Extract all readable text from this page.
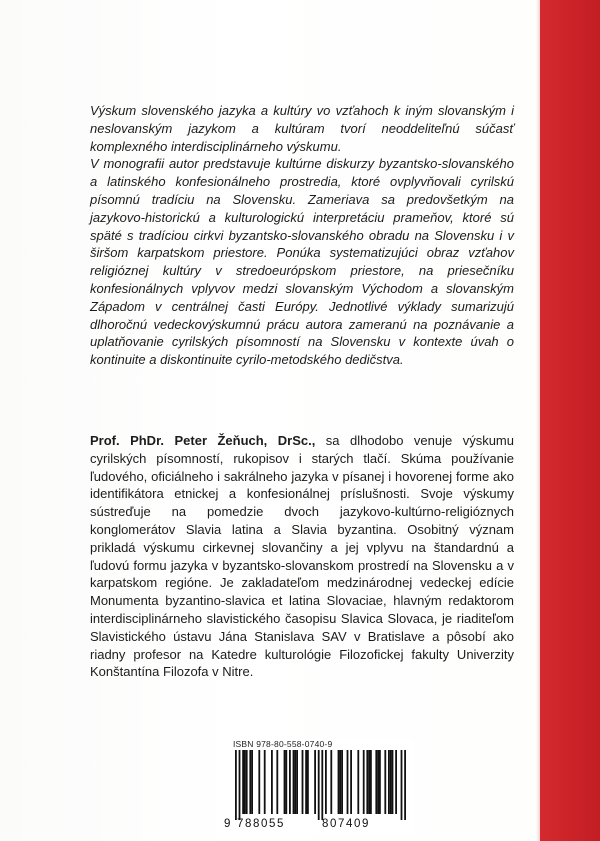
Výskum slovenského jazyka a kultúry vo vzťahoch k iným slovanským i neslovanským jazykom a kultúram tvorí neoddeliteľnú súčasť komplexného interdisciplinárneho výskumu.

V monografii autor predstavuje kultúrne diskurzy byzantsko-slovanského a latinského konfesionálneho prostredia, ktoré ovplyvňovali cyrilskú písomnú tradíciu na Slovensku. Zameriava sa predovšetkým na jazykovo-historickú a kulturologickú interpretáciu prameňov, ktoré sú späté s tradíciou cirkvi byzantsko-slovanského obradu na Slovensku i v širšom karpatskom priestore. Ponúka systematizujúci obraz vzťahov religióznej kultúry v stredoeurópskom priestore, na priesečníku konfesionálnych vplyvov medzi slovanským Východom a slovanským Západom v centrálnej časti Európy. Jednotlivé výklady sumarizujú dlhoročnú vedeckovýskumnú prácu autora zameranú na poznávanie a uplatňovanie cyrilských písomností na Slovensku v kontexte úvah o kontinuite a diskontinuite cyrilo-metodského dedičstva.

Prof. PhDr. Peter Žeňuch, DrSc., sa dlhodobo venuje výskumu cyrilských písomností, rukopisov i starých tlačí. Skúma používanie ľudového, oficiálneho i sakrálneho jazyka v písanej i hovorenej forme ako identifikátora etnickej a konfesionálnej príslušnosti. Svoje výskumy sústreďuje na pomedzie dvoch jazykovo-kultúrno-religióznych konglomerátov Slavia latina a Slavia byzantina. Osobitný význam prikladá výskumu cirkevnej slovančiny a jej vplyvu na štandardnú a ľudovú formu jazyka v byzantsko-slovanskom prostredí na Slovensku a v karpatskom regióne. Je zakladateľom medzinárodnej vedeckej edície Monumenta byzantino-slavica et latina Slovaciae, hlavným redaktorom interdisciplinárneho slavistického časopisu Slavica Slovaca, je riaditeľom Slavistického ústavu Jána Stanislava SAV v Bratislave a pôsobí ako riadny profesor na Katedre kulturológie Filozofickej fakulty Univerzity Konštantína Filozofa v Nitre.

ISBN 978-80-558-0740-9
9 788055	807409
